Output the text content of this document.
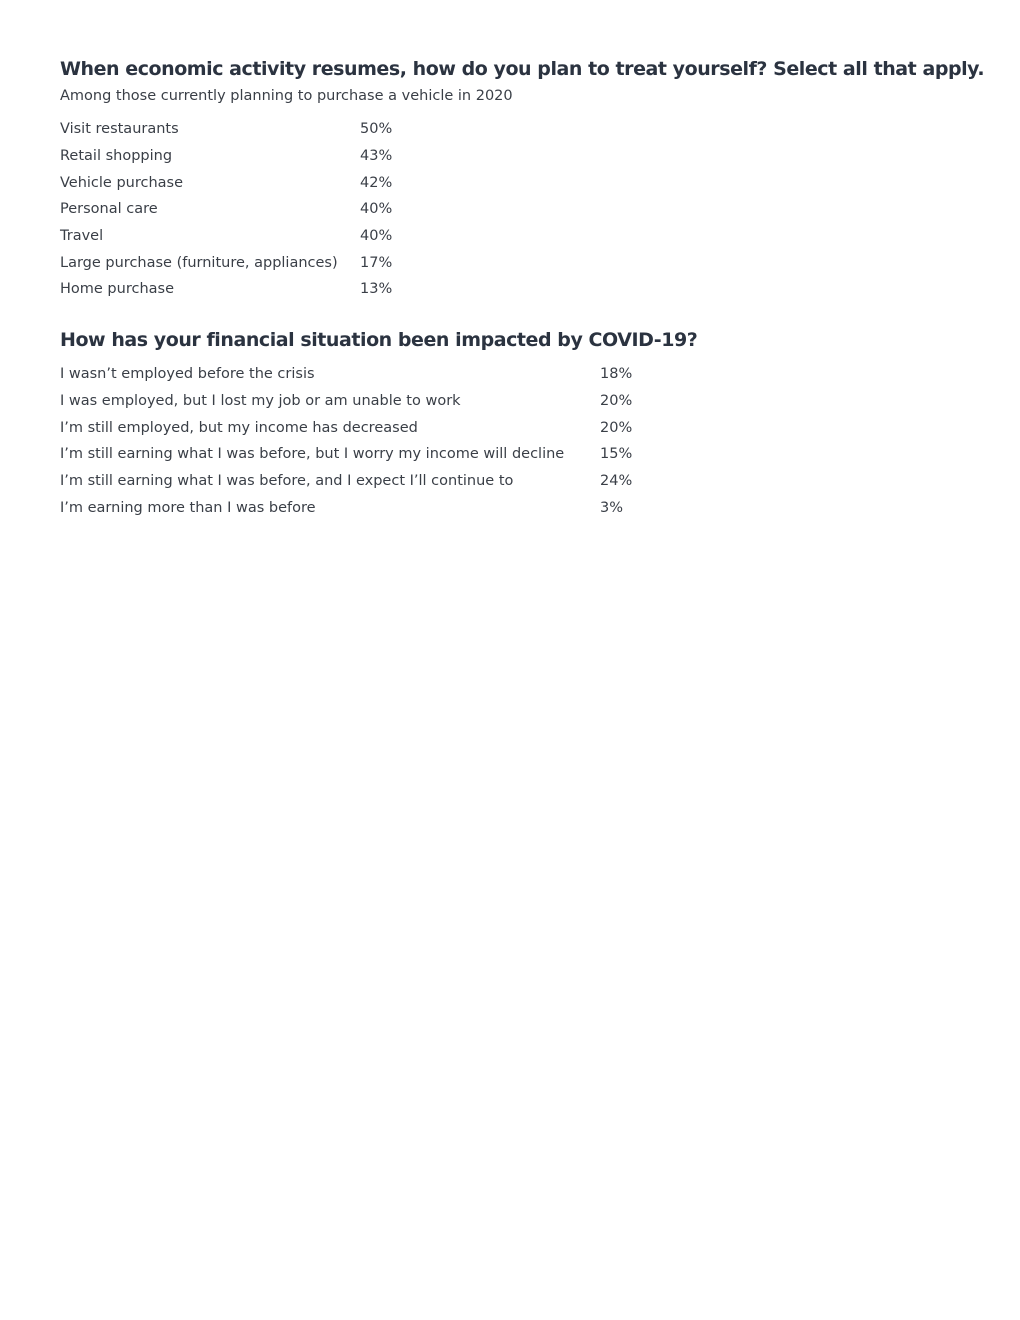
When economic activity resumes, how do you plan to treat yourself? Select all that apply.
Among those currently planning to purchase a vehicle in 2020
Visit restaurants	50%
Retail shopping	43%
Vehicle purchase	42%
Personal care	40%
Travel	40%
Large purchase (furniture, appliances)	17%
Home purchase	13%
How has your financial situation been impacted by COVID-19?
I wasn’t employed before the crisis	18%
I was employed, but I lost my job or am unable to work	20%
I’m still employed, but my income has decreased	20%
I’m still earning what I was before, but I worry my income will decline	15%
I’m still earning what I was before, and I expect I’ll continue to	24%
I’m earning more than I was before	3%
